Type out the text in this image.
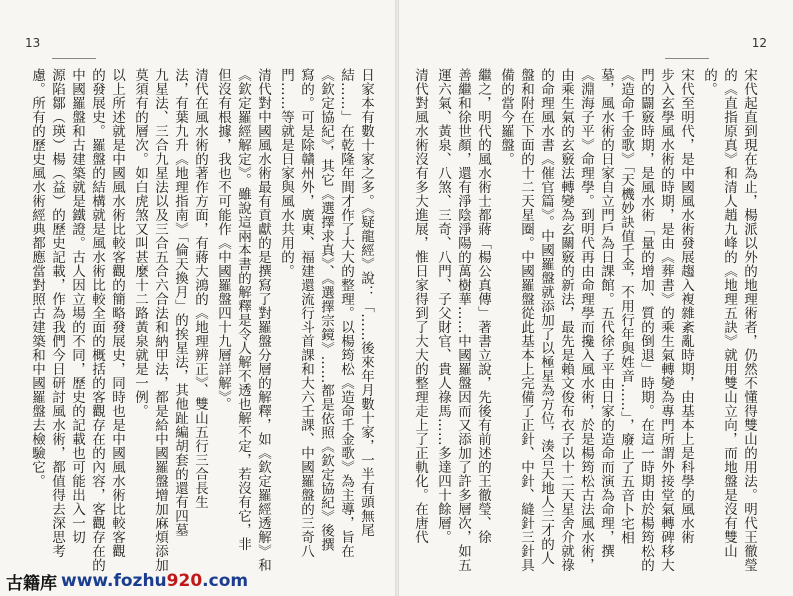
13
日家本有數十家之多。《疑龍經》說：「……後來年月數十家，一半有頭無尾
結……」在乾隆年間才作了大大的整理。以楊筠松《造命千金歌》為主導，旨在
《欽定協紀》，其它《選擇求真》、《選擇宗鏡》……都是依照《欽定協紀》後撰
寫的。可是除贛州外，廣東、福建還流行斗首課和大六壬課、中國羅盤的三奇八
門……等就是日家與風水共用的。
清代對中國風水術最有貢獻的是撰寫了對羅盤分層的解釋，如《欽定羅經透解》和
《欽定羅經解定》。雖說這兩本書的解釋是令人解不透也解不定，若沒有它，非
但沒有根據，我也不可能作《中國羅盤四十九層詳解》。
清代在風水術的著作方面，有蔣大鴻的《地理辨正》、雙山五行三合長生
法，有葉九升《地理指南》「倫天換月」的挨星法，其他趾編胡套的還有四墓
九星法、三合九星法以及三合五合六合法和納甲法，都是給中國羅盤增加麻煩添加
莫須有的層次。如白虎煞又叫甚麼十二路黃泉就是一例。
以上所述就是中國風水術比較客觀的簡略發展史，同時也是中國風水術比較客觀
的發展史。羅盤的結構就是風水術比較全面的概括的客觀存在的內容，客觀存在的
中國羅盤和古建築就是鐵證。古人因立場的不同，歷史的記載也可能出入一切
源陷鄒（瑛）楊（益）的歷史記載，作為我們今日研討風水術，都值得去深思考
慮。所有的歷史風水術經典都應當對照古建築和中國羅盤去檢驗它。
12
宋代起直到現在為止，楊派以外的地理術者，仍然不懂得雙山的用法。明代王徹瑩
的《直指原真》和清人趙九峰的《地理五訣》就用雙山立向，而地盤是沒有雙山
的。
宋代至明代，是中國風水術發展趨入複雜紊亂時期，由基本上是科學的風水術
步入玄學風水術的時期，是由《葬書》的乘生氣轉變為專門所謂外接堂氣轉碑移大
門的闢竅時期，是風水術「量的增加、質的倒退」時期。在這一時期由於楊筠松的
《造命千金歌》「天機妙訣值千金，不用行年與姓音……」，廢止了五音卜宅相
墓，風水術的日家自立門戶為日課館。五代徐子平由日家的造命而演為命理，撰
《淵海子平》命理學。到明代再由命理學而攙入風水術，於是楊筠松古法風水術，
由乘生氣的玄竅法轉變為玄關竅的新法，最先是賴文俊布衣子以十二天星舍介就祿
的命理風水書《催官篇》。中國羅盤就添加了以極星為方位，湊合天地人三才的人
盤和附在下面的十二天星圈。中國羅盤從此基本上完備了正針、中針、縫針三針具
備的當今羅盤。
繼之，明代的風水術士都蔣「楊公真傳」著書立說，先後有前述的王徹瑩、徐
善繼和徐世顏，還有淨陰淨陽的萬樹華……中國羅盤因而又添加了許多層次，如五
運六氣、黃泉、八煞、三奇、八門、子父財官、貴人祿馬……多達四十餘層。
清代對風水術沒有多大進展，惟日家得到了大大的整理走上了正軌化。在唐代
古籍库 www.fozhu920.com
